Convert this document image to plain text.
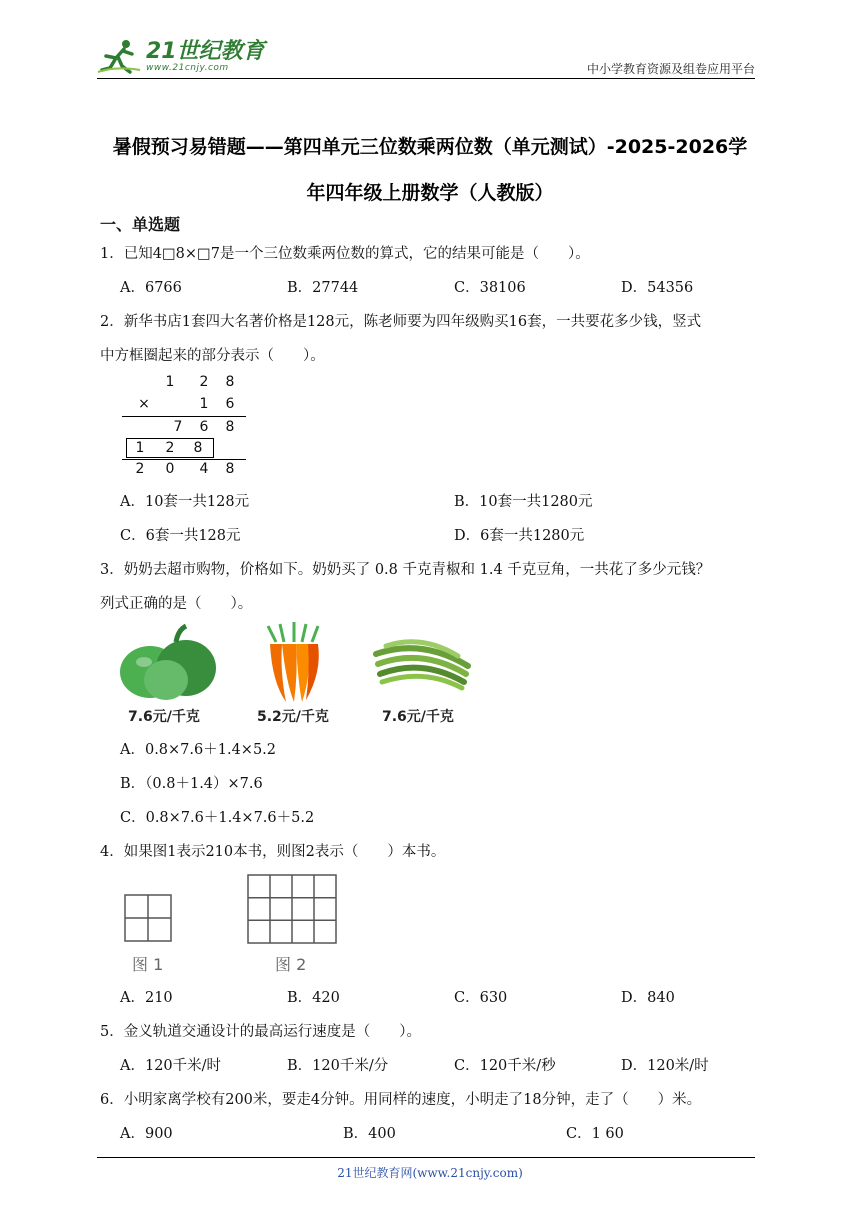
21世纪教育
www.21cnjy.com	中小学教育资源及组卷应用平台
暑假预习易错题——第四单元三位数乘两位数（单元测试）-2025-2026学
年四年级上册数学（人教版）
一、单选题
1．已知4□8×□7是一个三位数乘两位数的算式，它的结果可能是（　　）。
A．6766	B．27744	C．38106	D．54356
2．新华书店1套四大名著价格是128元，陈老师要为四年级购买16套，一共要花多少钱，竖式
中方框圈起来的部分表示（　　）。
1 2 8
×	1 6
7 6 8
1 2 8
2 0 4 8
A．10套一共128元	B．10套一共1280元
C．6套一共128元	D．6套一共1280元
3．奶奶去超市购物，价格如下。奶奶买了 0.8 千克青椒和 1.4 千克豆角，一共花了多少元钱？
列式正确的是（　　）。
7.6元/千克	5.2元/千克	7.6元/千克
A．0.8×7.6＋1.4×5.2
B．（0.8＋1.4）×7.6
C．0.8×7.6＋1.4×7.6＋5.2
4．如果图1表示210本书，则图2表示（　　）本书。
图 1	图 2
A．210	B．420	C．630	D．840
5．金义轨道交通设计的最高运行速度是（　　）。
A．120千米/时	B．120千米/分	C．120千米/秒	D．120米/时
6．小明家离学校有200米，要走4分钟。用同样的速度，小明走了18分钟，走了（　　）米。
A．900	B．400	C．1 60
21世纪教育网(www.21cnjy.com)
